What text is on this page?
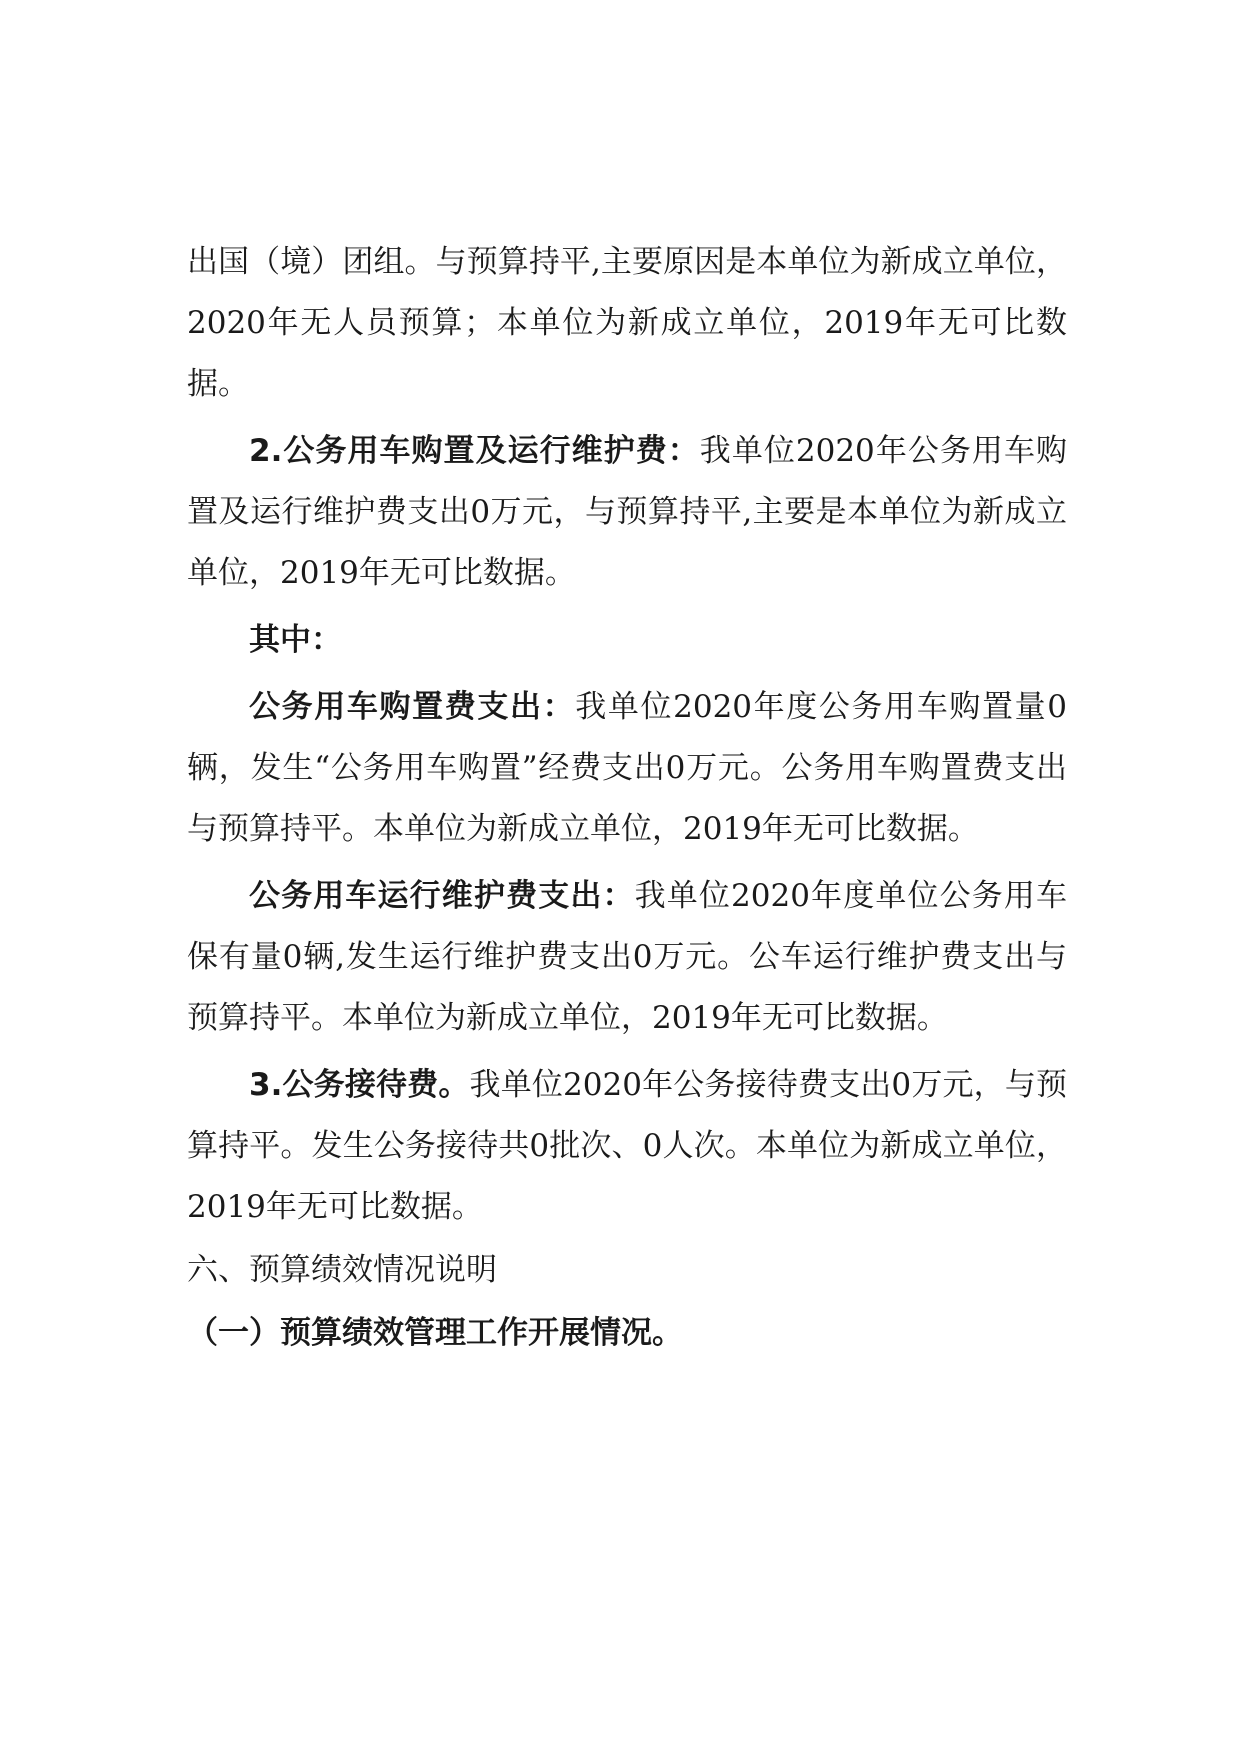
出国（境）团组。与预算持平,主要原因是本单位为新成立单位，2020年无人员预算；本单位为新成立单位，2019年无可比数据。

2.公务用车购置及运行维护费：我单位2020年公务用车购置及运行维护费支出0万元，与预算持平,主要是本单位为新成立单位，2019年无可比数据。

其中：

公务用车购置费支出：我单位2020年度公务用车购置量0辆，发生“公务用车购置”经费支出0万元。公务用车购置费支出与预算持平。本单位为新成立单位，2019年无可比数据。

公务用车运行维护费支出：我单位2020年度单位公务用车保有量0辆,发生运行维护费支出0万元。公车运行维护费支出与预算持平。本单位为新成立单位，2019年无可比数据。

3.公务接待费。我单位2020年公务接待费支出0万元，与预算持平。发生公务接待共0批次、0人次。本单位为新成立单位，2019年无可比数据。

六、预算绩效情况说明

（一）预算绩效管理工作开展情况。
